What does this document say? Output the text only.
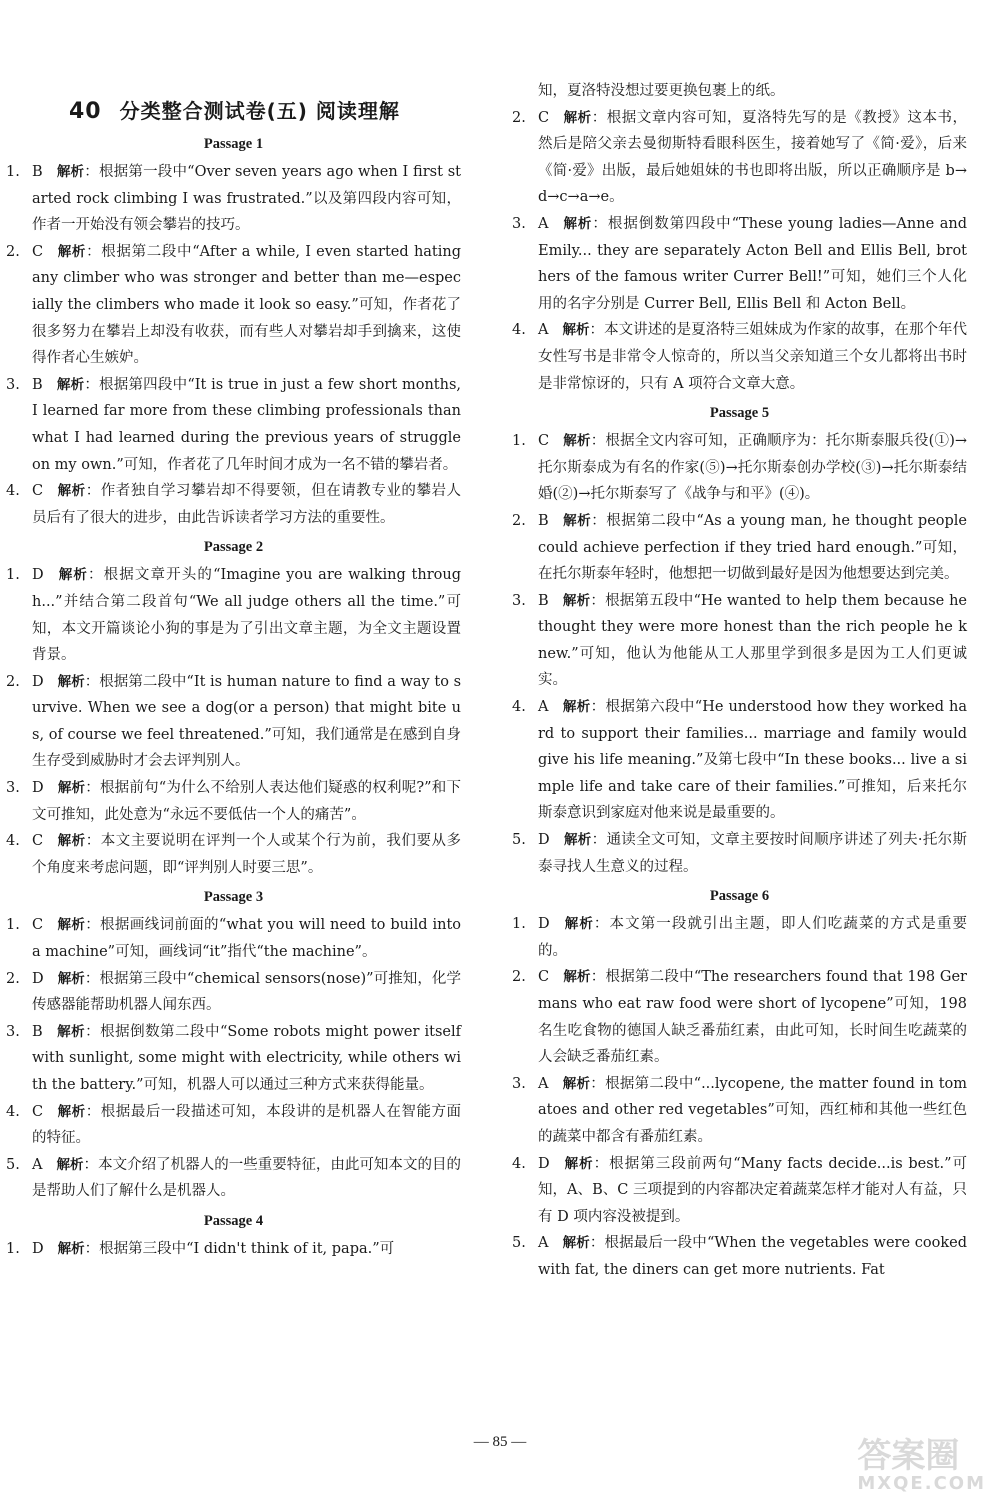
40 分类整合测试卷(五) 阅读理解
Passage 1
1. B 解析：根据第一段中“Over seven years ago when I first started rock climbing I was frustrated.”以及第四段内容可知，作者一开始没有领会攀岩的技巧。
2. C 解析：根据第二段中“After a while, I even started hating any climber who was stronger and better than me—especially the climbers who made it look so easy.”可知，作者花了很多努力在攀岩上却没有收获，而有些人对攀岩却手到擒来，这使得作者心生嫉妒。
3. B 解析：根据第四段中“It is true in just a few short months, I learned far more from these climbing professionals than what I had learned during the previous years of struggle on my own.”可知，作者花了几年时间才成为一名不错的攀岩者。
4. C 解析：作者独自学习攀岩却不得要领，但在请教专业的攀岩人员后有了很大的进步，由此告诉读者学习方法的重要性。
Passage 2
1. D 解析：根据文章开头的“Imagine you are walking through...”并结合第二段首句“We all judge others all the time.”可知，本文开篇谈论小狗的事是为了引出文章主题，为全文主题设置背景。
2. D 解析：根据第二段中“It is human nature to find a way to survive. When we see a dog(or a person) that might bite us, of course we feel threatened.”可知，我们通常是在感到自身生存受到威胁时才会去评判别人。
3. D 解析：根据前句“为什么不给别人表达他们疑惑的权利呢?”和下文可推知，此处意为“永远不要低估一个人的痛苦”。
4. C 解析：本文主要说明在评判一个人或某个行为前，我们要从多个角度来考虑问题，即“评判别人时要三思”。
Passage 3
1. C 解析：根据画线词前面的“what you will need to build into a machine”可知，画线词“it”指代“the machine”。
2. D 解析：根据第三段中“chemical sensors(nose)”可推知，化学传感器能帮助机器人闻东西。
3. B 解析：根据倒数第二段中“Some robots might power itself with sunlight, some might with electricity, while others with the battery.”可知，机器人可以通过三种方式来获得能量。
4. C 解析：根据最后一段描述可知，本段讲的是机器人在智能方面的特征。
5. A 解析：本文介绍了机器人的一些重要特征，由此可知本文的目的是帮助人们了解什么是机器人。
Passage 4
1. D 解析：根据第三段中“I didn't think of it, papa.”可
知，夏洛特没想过要更换包裹上的纸。
2. C 解析：根据文章内容可知，夏洛特先写的是《教授》这本书，然后是陪父亲去曼彻斯特看眼科医生，接着她写了《简·爱》，后来《简·爱》出版，最后她姐妹的书也即将出版，所以正确顺序是 b→d→c→a→e。
3. A 解析：根据倒数第四段中“These young ladies—Anne and Emily... they are separately Acton Bell and Ellis Bell, brothers of the famous writer Currer Bell!”可知，她们三个人化用的名字分别是 Currer Bell, Ellis Bell 和 Acton Bell。
4. A 解析：本文讲述的是夏洛特三姐妹成为作家的故事，在那个年代女性写书是非常令人惊奇的，所以当父亲知道三个女儿都将出书时是非常惊讶的，只有 A 项符合文章大意。
Passage 5
1. C 解析：根据全文内容可知，正确顺序为：托尔斯泰服兵役(①)→托尔斯泰成为有名的作家(⑤)→托尔斯泰创办学校(③)→托尔斯泰结婚(②)→托尔斯泰写了《战争与和平》(④)。
2. B 解析：根据第二段中“As a young man, he thought people could achieve perfection if they tried hard enough.”可知，在托尔斯泰年轻时，他想把一切做到最好是因为他想要达到完美。
3. B 解析：根据第五段中“He wanted to help them because he thought they were more honest than the rich people he knew.”可知，他认为他能从工人那里学到很多是因为工人们更诚实。
4. A 解析：根据第六段中“He understood how they worked hard to support their families... marriage and family would give his life meaning.”及第七段中“In these books... live a simple life and take care of their families.”可推知，后来托尔斯泰意识到家庭对他来说是最重要的。
5. D 解析：通读全文可知，文章主要按时间顺序讲述了列夫·托尔斯泰寻找人生意义的过程。
Passage 6
1. D 解析：本文第一段就引出主题，即人们吃蔬菜的方式是重要的。
2. C 解析：根据第二段中“The researchers found that 198 Germans who eat raw food were short of lycopene”可知，198 名生吃食物的德国人缺乏番茄红素，由此可知，长时间生吃蔬菜的人会缺乏番茄红素。
3. A 解析：根据第二段中“...lycopene, the matter found in tomatoes and other red vegetables”可知，西红柿和其他一些红色的蔬菜中都含有番茄红素。
4. D 解析：根据第三段前两句“Many facts decide...is best.”可知，A、B、C 三项提到的内容都决定着蔬菜怎样才能对人有益，只有 D 项内容没被提到。
5. A 解析：根据最后一段中“When the vegetables were cooked with fat, the diners can get more nutrients. Fat
— 85 —	答案圈
MXQE.COM
